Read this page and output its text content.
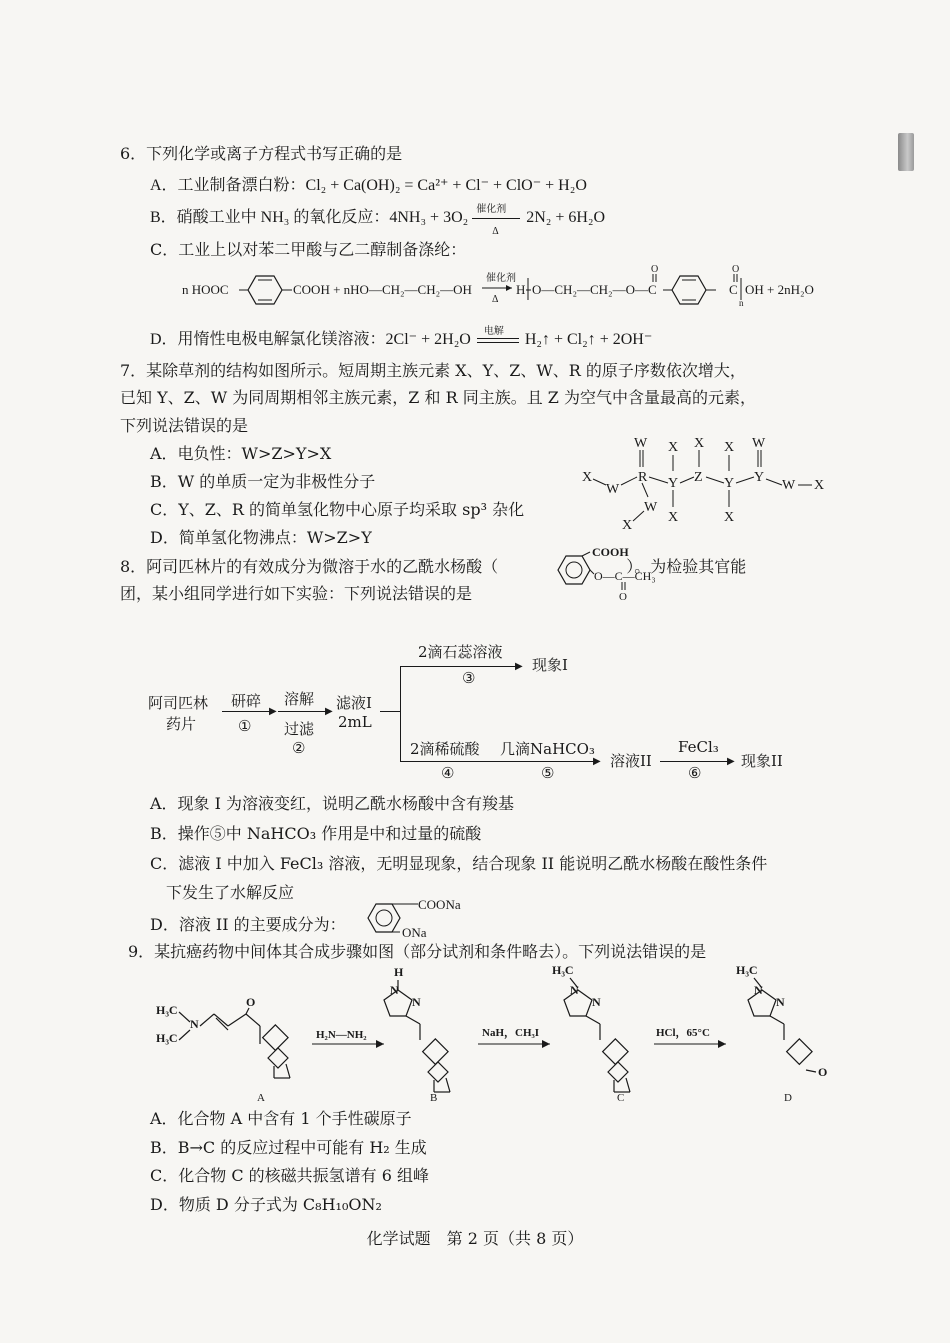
6．下列化学或离子方程式书写正确的是
A．工业制备漂白粉：Cl₂ + Ca(OH)₂ = Ca²⁺ + Cl⁻ + ClO⁻ + H₂O
B．硝酸工业中 NH₃ 的氧化反应：4NH₃ + 3O₂ 催化剂
Δ
2N₂ + 6H₂O
C．工业上以对苯二甲酸与乙二醇制备涤纶：
n HOOC	COOH + nHO—CH₂—CH₂—OH
催化剂
Δ
H O—CH₂—CH₂—O—C
O	O
C
n
OH + 2nH₂O
D．用惰性电极电解氯化镁溶液：2Cl⁻ + 2H₂O 电解 H₂↑ + Cl₂↑ + 2OH⁻
7．某除草剂的结构如图所示。短周期主族元素 X、Y、Z、W、R 的原子序数依次增大，
已知 Y、Z、W 为同周期相邻主族元素，Z 和 R 同主族。且 Z 为空气中含量最高的元素，
下列说法错误的是
A．电负性：W>Z>Y>X
B．W 的单质一定为非极性分子
C．Y、Z、R 的简单氢化物中心原子均采取 sp³ 杂化
D．简单氢化物沸点：W>Z>Y
X
W
R
W
Y
X
X
Z
X
Y
X
X
Y
W
W X
W
X
8．阿司匹林片的有效成分为微溶于水的乙酰水杨酸（	）。为检验其官能
COOH
O—C—CH₃
O
团，某小组同学进行如下实验：下列说法错误的是
阿司匹林
药片
研碎
▶
①
溶解
▶
过滤
②
滤液I
2mL
▶
2滴石蕊溶液
③
现象I
2滴稀硫酸
④
▶
几滴NaHCO₃
⑤
溶液II	▶
FeCl₃
⑥
现象II
A．现象 I 为溶液变红，说明乙酰水杨酸中含有羧基
B．操作⑤中 NaHCO₃ 作用是中和过量的硫酸
C．滤液 I 中加入 FeCl₃ 溶液，无明显现象，结合现象 II 能说明乙酰水杨酸在酸性条件
下发生了水解反应
D．溶液 II 的主要成分为：
COONa
ONa
9．某抗癌药物中间体其合成步骤如图（部分试剂和条件略去）。下列说法错误的是
H₃C
N
H₃C
O
A
H₂N—NH₂
H
N
N
B
NaH，CH₃I
H₃C
N
N
C
HCl，65°C
H₃C
N
N
O
D
A．化合物 A 中含有 1 个手性碳原子
B．B→C 的反应过程中可能有 H₂ 生成
C．化合物 C 的核磁共振氢谱有 6 组峰
D．物质 D 分子式为 C₈H₁₀ON₂
化学试题　第 2 页（共 8 页）
